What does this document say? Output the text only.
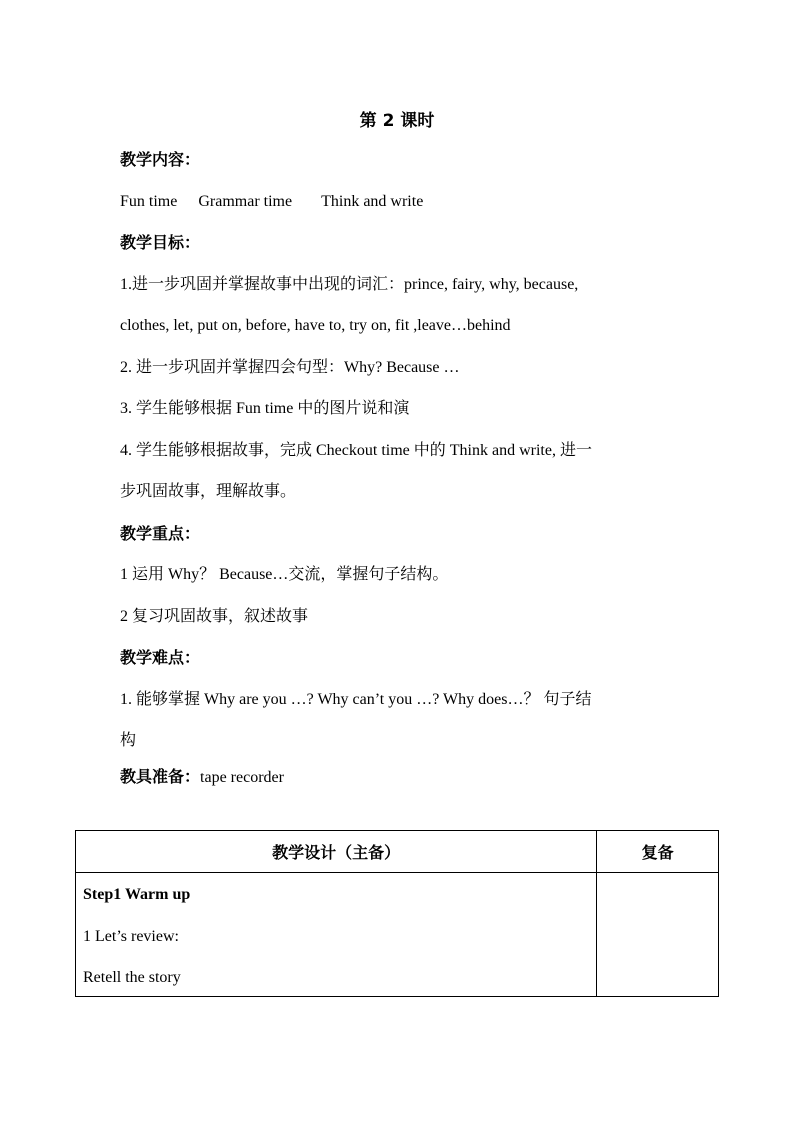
第 2 课时
教学内容：
Fun time Grammar time Think and write
教学目标：
1.进一步巩固并掌握故事中出现的词汇：prince, fairy, why, because,
clothes, let, put on, before, have to, try on, fit ,leave…behind
2. 进一步巩固并掌握四会句型：Why? Because …
3. 学生能够根据 Fun time 中的图片说和演
4. 学生能够根据故事，完成 Checkout time 中的 Think and write, 进一
步巩固故事，理解故事。
教学重点：
1 运用 Why？ Because…交流，掌握句子结构。
2 复习巩固故事，叙述故事
教学难点：
1. 能够掌握 Why are you …? Why can’t you …? Why does…？ 句子结
构
教具准备：tape recorder
教学设计（主备）	复备

Step1 Warm up
1 Let’s review:
Retell the story	
